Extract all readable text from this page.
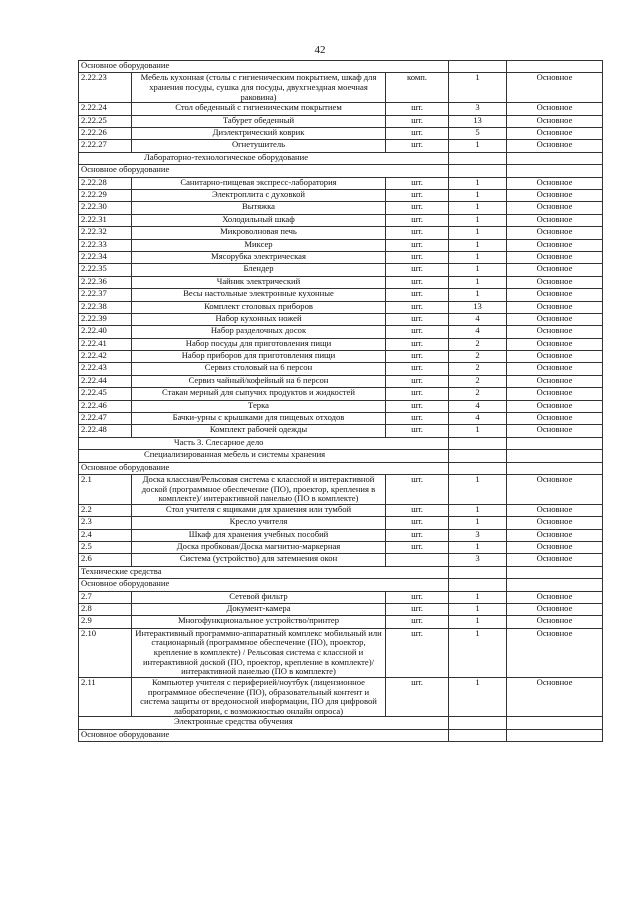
42
Основное оборудование				
2.22.23	Мебель кухонная (столы с гигиеническим покрытием, шкаф для хранения посуды, сушка для посуды, двухгнездная моечная раковина)	комп.	1	Основное
2.22.24	Стол обеденный с гигиеническим покрытием	шт.	3	Основное
2.22.25	Табурет обеденный	шт.	13	Основное
2.22.26	Диэлектрический коврик	шт.	5	Основное
2.22.27	Огнетушитель	шт.	1	Основное
Лабораторно-технологическое оборудование				
Основное оборудование				
2.22.28	Санитарно-пищевая экспресс-лаборатория	шт.	1	Основное
2.22.29	Электроплита с духовкой	шт.	1	Основное
2.22.30	Вытяжка	шт.	1	Основное
2.22.31	Холодильный шкаф	шт.	1	Основное
2.22.32	Микроволновая печь	шт.	1	Основное
2.22.33	Миксер	шт.	1	Основное
2.22.34	Мясорубка электрическая	шт.	1	Основное
2.22.35	Блендер	шт.	1	Основное
2.22.36	Чайник электрический	шт.	1	Основное
2.22.37	Весы настольные электронные кухонные	шт.	1	Основное
2.22.38	Комплект столовых приборов	шт.	13	Основное
2.22.39	Набор кухонных ножей	шт.	4	Основное
2.22.40	Набор разделочных досок	шт.	4	Основное
2.22.41	Набор посуды для приготовления пищи	шт.	2	Основное
2.22.42	Набор приборов для приготовления пищи	шт.	2	Основное
2.22.43	Сервиз столовый на 6 персон	шт.	2	Основное
2.22.44	Сервиз чайный/кофейный на 6 персон	шт.	2	Основное
2.22.45	Стакан мерный для сыпучих продуктов и жидкостей	шт.	2	Основное
2.22.46	Терка	шт.	4	Основное
2.22.47	Бачки-урны с крышками для пищевых отходов	шт.	4	Основное
2.22.48	Комплект рабочей одежды	шт.	1	Основное
Часть 3. Слесарное дело				
Специализированная мебель и системы хранения				
Основное оборудование				
2.1	Доска классная/Рельсовая система с классной и интерактивной доской (программное обеспечение (ПО), проектор, крепления в комплекте)/ интерактивной панелью (ПО в комплекте)	шт.	1	Основное
2.2	Стол учителя с ящиками для хранения или тумбой	шт.	1	Основное
2.3	Кресло учителя	шт.	1	Основное
2.4	Шкаф для хранения учебных пособий	шт.	3	Основное
2.5	Доска пробковая/Доска магнитно-маркерная	шт.	1	Основное
2.6	Система (устройство) для затемнения окон		3	Основное
Технические средства				
Основное оборудование				
2.7	Сетевой фильтр	шт.	1	Основное
2.8	Документ-камера	шт.	1	Основное
2.9	Многофункциональное устройство/принтер	шт.	1	Основное
2.10	Интерактивный программно-аппаратный комплекс мобильный или стационарный (программное обеспечение (ПО), проектор, крепление в комплекте) / Рельсовая система с классной и интерактивной доской (ПО, проектор, крепление в комплекте)/ интерактивной панелью (ПО в комплекте)	шт.	1	Основное
2.11	Компьютер учителя с периферией/ноутбук (лицензионное программное обеспечение (ПО), образовательный контент и система защиты от вредоносной информации, ПО для цифровой лаборатории, с возможностью онлайн опроса)	шт.	1	Основное
Электронные средства обучения				
Основное оборудование				
